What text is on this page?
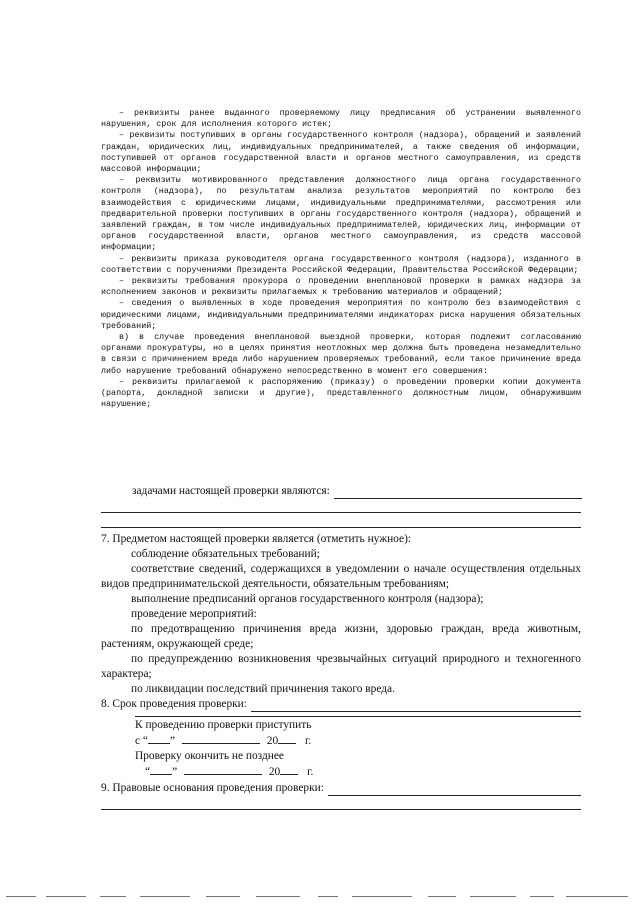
– реквизиты ранее выданного проверяемому лицу предписания об устранении выявленного нарушения, срок для исполнения которого истек;

– реквизиты поступивших в органы государственного контроля (надзора), обращений и заявлений граждан, юридических лиц, индивидуальных предпринимателей, а также сведения об информации, поступившей от органов государственной власти и органов местного самоуправления, из средств массовой информации;

– реквизиты мотивированного представления должностного лица органа государственного контроля (надзора), по результатам анализа результатов мероприятий по контролю без взаимодействия с юридическими лицами, индивидуальными предпринимателями, рассмотрения или предварительной проверки поступивших в органы государственного контроля (надзора), обращений и заявлений граждан, в том числе индивидуальных предпринимателей, юридических лиц, информации от органов государственной власти, органов местного самоуправления, из средств массовой информации;

– реквизиты приказа руководителя органа государственного контроля (надзора), изданного в соответствии с поручениями Президента Российской Федерации, Правительства Российской Федерации;

– реквизиты требования прокурора о проведении внеплановой проверки в рамках надзора за исполнением законов и реквизиты прилагаемых к требованию материалов и обращений;

– сведения о выявленных в ходе проведения мероприятия по контролю без взаимодействия с юридическими лицами, индивидуальными предпринимателями индикаторах риска нарушения обязательных требований;

в) в случае проведения внеплановой выездной проверки, которая подлежит согласованию органами прокуратуры, но в целях принятия неотложных мер должна быть проведена незамедлительно в связи с причинением вреда либо нарушением проверяемых требований, если такое причинение вреда либо нарушение требований обнаружено непосредственно в момент его совершения:

– реквизиты прилагаемой к распоряжению (приказу) о проведении проверки копии документа (рапорта, докладной записки и другие), представленного должностным лицом, обнаружившим нарушение;

задачами настоящей проверки являются:

7. Предметом настоящей проверки является (отметить нужное):

соблюдение обязательных требований;

соответствие сведений, содержащихся в уведомлении о начале осуществления отдельных видов предпринимательской деятельности, обязательным требованиям;

выполнение предписаний органов государственного контроля (надзора);

проведение мероприятий:

по предотвращению причинения вреда жизни, здоровью граждан, вреда животным, растениям, окружающей среде;

по предупреждению возникновения чрезвычайных ситуаций природного и техногенного характера;

по ликвидации последствий причинения такого вреда.

8. Срок проведения проверки:
К проведению проверки приступить
с “ ”	20 г.
Проверку окончить не позднее
“ ”	20 г.
9. Правовые основания проведения проверки:
